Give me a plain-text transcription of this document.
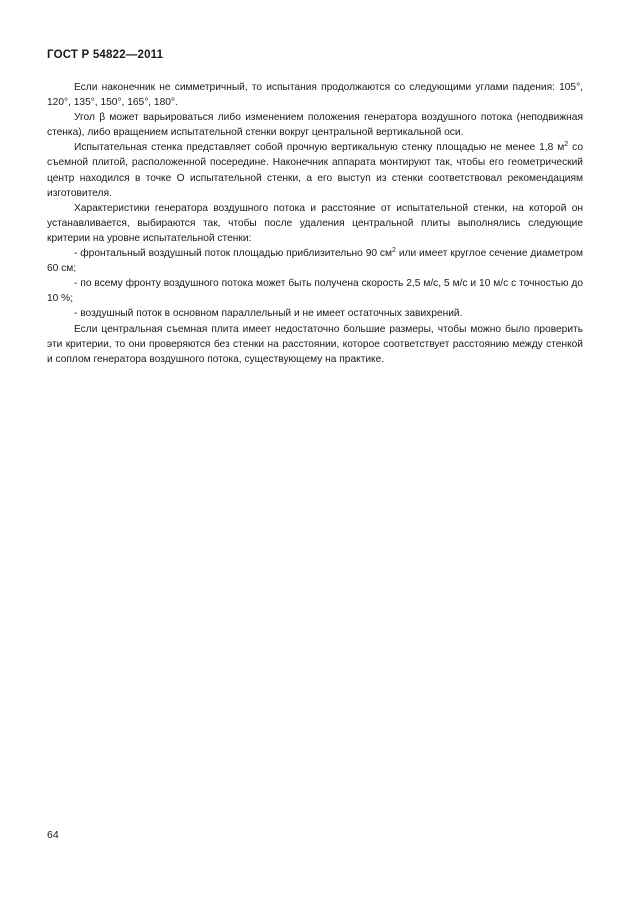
ГОСТ Р 54822—2011

Если наконечник не симметричный, то испытания продолжаются со следующими углами падения: 105°, 120°, 135°, 150°, 165°, 180°.

Угол β может варьироваться либо изменением положения генератора воздушного потока (неподвижная стенка), либо вращением испытательной стенки вокруг центральной вертикальной оси.

Испытательная стенка представляет собой прочную вертикальную стенку площадью не менее 1,8 $м^2$ со съемной плитой, расположенной посередине. Наконечник аппарата монтируют так, чтобы его геометрический центр находился в точке O испытательной стенки, а его выступ из стенки соответствовал рекомендациям изготовителя.

Характеристики генератора воздушного потока и расстояние от испытательной стенки, на которой он устанавливается, выбираются так, чтобы после удаления центральной плиты выполнялись следующие критерии на уровне испытательной стенки:

- фронтальный воздушный поток площадью приблизительно 90 $см^2$ или имеет круглое сечение диаметром 60 см;

- по всему фронту воздушного потока может быть получена скорость 2,5 м/с, 5 м/с и 10 м/с с точностью до 10 %;

- воздушный поток в основном параллельный и не имеет остаточных завихрений.

Если центральная съемная плита имеет недостаточно большие размеры, чтобы можно было проверить эти критерии, то они проверяются без стенки на расстоянии, которое соответствует расстоянию между стенкой и соплом генератора воздушного потока, существующему на практике.

64
